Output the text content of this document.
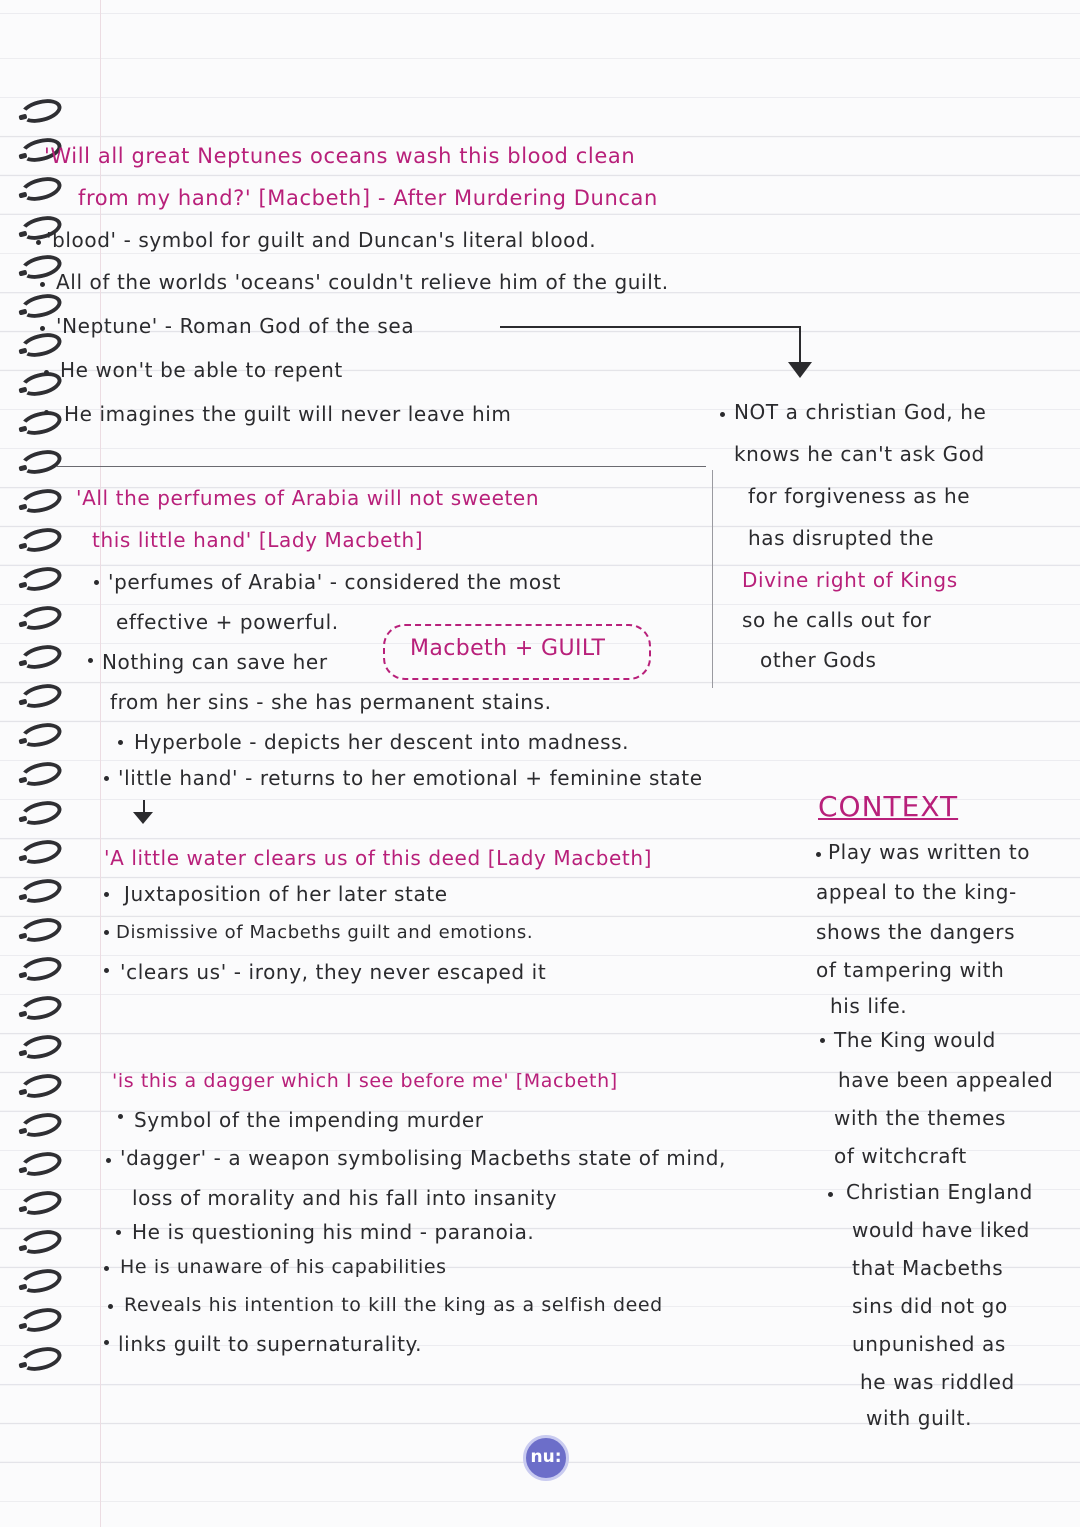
'Will all great Neptunes oceans wash this blood clean
from my hand?' [Macbeth] - After Murdering Duncan
'blood' - symbol for guilt and Duncan's literal blood.
All of the worlds 'oceans' couldn't relieve him of the guilt.
'Neptune' - Roman God of the sea
He won't be able to repent
He imagines the guilt will never leave him	NOT a christian God, he
knows he can't ask God
for forgiveness as he
has disrupted the
Divine right of Kings
so he calls out for
other Gods
'All the perfumes of Arabia will not sweeten
this little hand' [Lady Macbeth]
'perfumes of Arabia' - considered the most
effective + powerful.
Nothing can save her
Macbeth + GUILT
from her sins - she has permanent stains.
Hyperbole - depicts her descent into madness.
'little hand' - returns to her emotional + feminine state
CONTEXT
Play was written to
appeal to the king-
shows the dangers
of tampering with
his life.
The King would
have been appealed
with the themes
of witchcraft
Christian England
would have liked
that Macbeths
sins did not go
unpunished as
he was riddled
with guilt.
'A little water clears us of this deed [Lady Macbeth]
Juxtaposition of her later state
Dismissive of Macbeths guilt and emotions.
'clears us' - irony, they never escaped it
'is this a dagger which I see before me' [Macbeth]
Symbol of the impending murder
'dagger' - a weapon symbolising Macbeths state of mind,
loss of morality and his fall into insanity
He is questioning his mind - paranoia.
He is unaware of his capabilities
Reveals his intention to kill the king as a selfish deed
links guilt to supernaturality.
nu:
